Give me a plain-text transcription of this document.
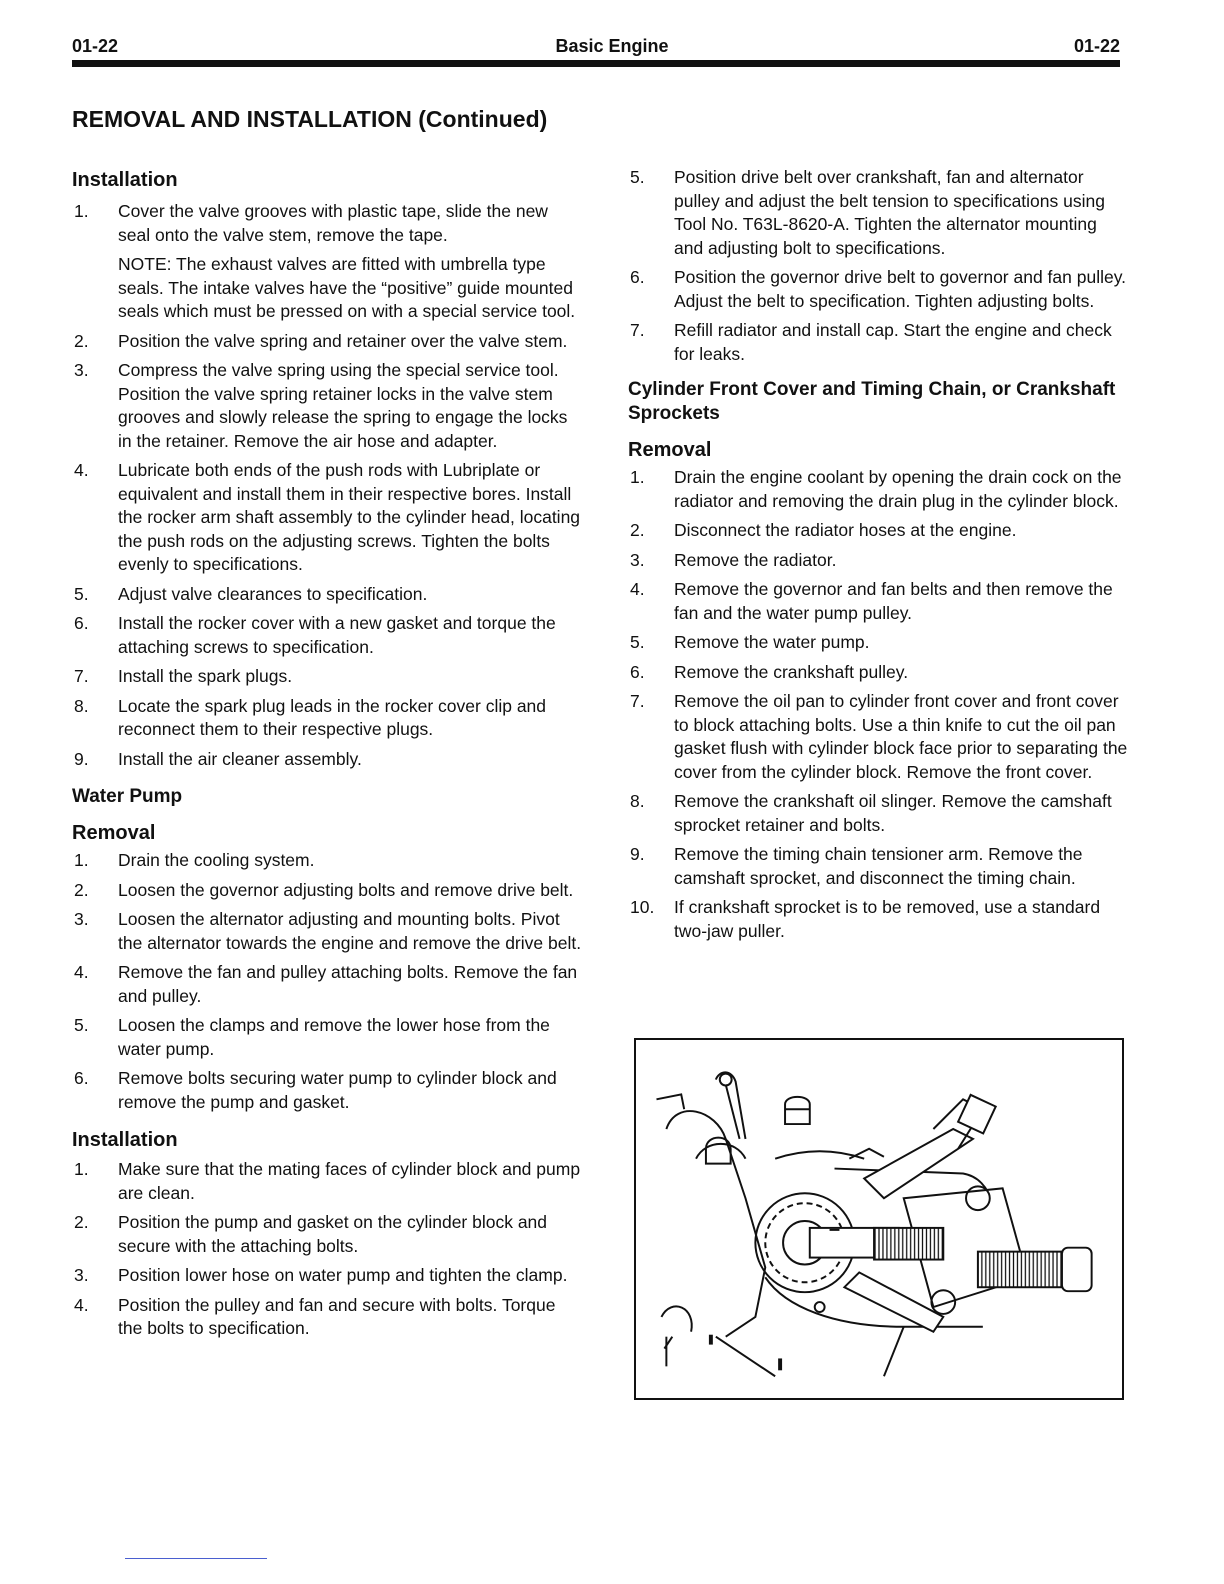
01-22	Basic Engine	01-22
REMOVAL AND INSTALLATION (Continued)
Installation
1. Cover the valve grooves with plastic tape, slide the new seal onto the valve stem, remove the tape.
NOTE: The exhaust valves are fitted with umbrella type seals. The intake valves have the “positive” guide mounted seals which must be pressed on with a special service tool.
2. Position the valve spring and retainer over the valve stem.
3. Compress the valve spring using the special service tool. Position the valve spring retainer locks in the valve stem grooves and slowly release the spring to engage the locks in the retainer. Remove the air hose and adapter.
4. Lubricate both ends of the push rods with Lubriplate or equivalent and install them in their respective bores. Install the rocker arm shaft assembly to the cylinder head, locating the push rods on the adjusting screws. Tighten the bolts evenly to specifications.
5. Adjust valve clearances to specification.
6. Install the rocker cover with a new gasket and torque the attaching screws to specification.
7. Install the spark plugs.
8. Locate the spark plug leads in the rocker cover clip and reconnect them to their respective plugs.
9. Install the air cleaner assembly.
Water Pump
Removal
1. Drain the cooling system.
2. Loosen the governor adjusting bolts and remove drive belt.
3. Loosen the alternator adjusting and mounting bolts. Pivot the alternator towards the engine and remove the drive belt.
4. Remove the fan and pulley attaching bolts. Remove the fan and pulley.
5. Loosen the clamps and remove the lower hose from the water pump.
6. Remove bolts securing water pump to cylinder block and remove the pump and gasket.
Installation
1. Make sure that the mating faces of cylinder block and pump are clean.
2. Position the pump and gasket on the cylinder block and secure with the attaching bolts.
3. Position lower hose on water pump and tighten the clamp.
4. Position the pulley and fan and secure with bolts. Torque the bolts to specification.
5. Position drive belt over crankshaft, fan and alternator pulley and adjust the belt tension to specifications using Tool No. T63L-8620-A. Tighten the alternator mounting and adjusting bolt to specifications.
6. Position the governor drive belt to governor and fan pulley. Adjust the belt to specification. Tighten adjusting bolts.
7. Refill radiator and install cap. Start the engine and check for leaks.
Cylinder Front Cover and Timing Chain, or Crankshaft Sprockets
Removal
1. Drain the engine coolant by opening the drain cock on the radiator and removing the drain plug in the cylinder block.
2. Disconnect the radiator hoses at the engine.
3. Remove the radiator.
4. Remove the governor and fan belts and then remove the fan and the water pump pulley.
5. Remove the water pump.
6. Remove the crankshaft pulley.
7. Remove the oil pan to cylinder front cover and front cover to block attaching bolts. Use a thin knife to cut the oil pan gasket flush with cylinder block face prior to separating the cover from the cylinder block. Remove the front cover.
8. Remove the crankshaft oil slinger. Remove the camshaft sprocket retainer and bolts.
9. Remove the timing chain tensioner arm. Remove the camshaft sprocket, and disconnect the timing chain.
10. If crankshaft sprocket is to be removed, use a standard two-jaw puller.
